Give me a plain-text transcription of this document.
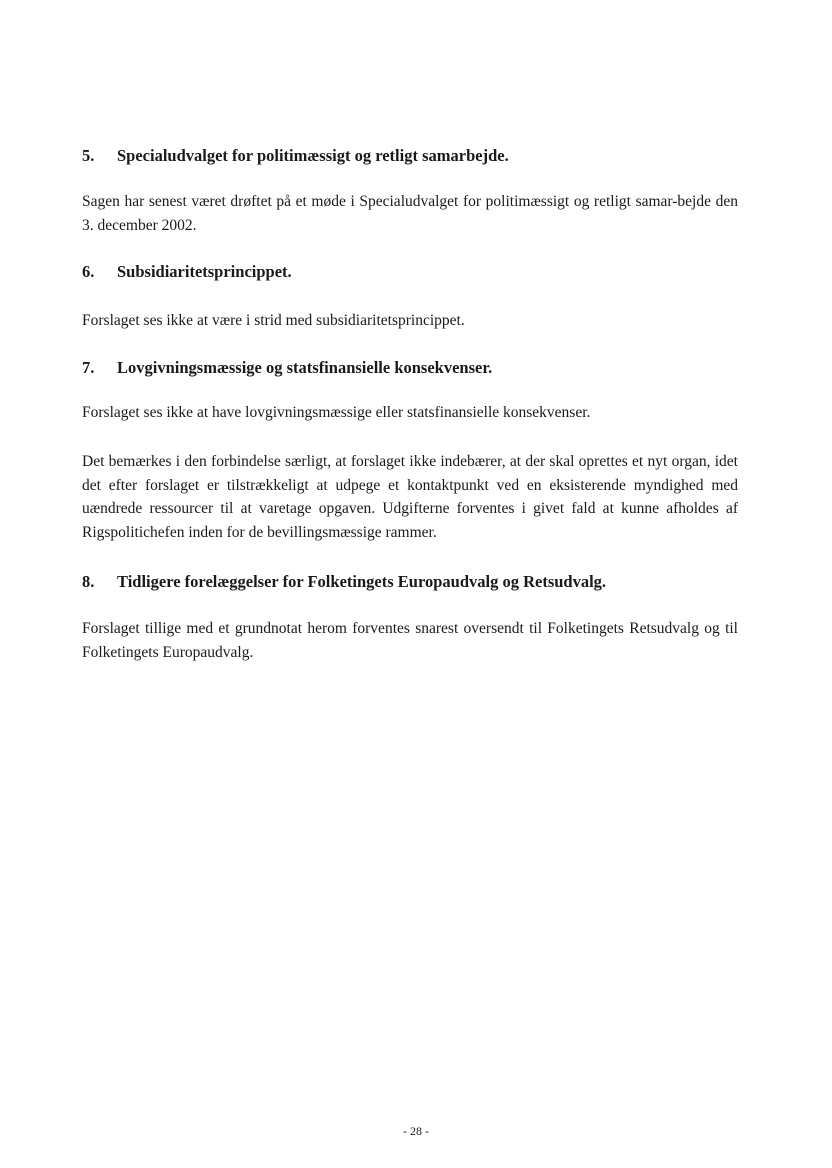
5. Specialudvalget for politimæssigt og retligt samarbejde.
Sagen har senest været drøftet på et møde i Specialudvalget for politimæssigt og retligt samar-bejde den 3. december 2002.
6. Subsidiaritetsprincippet.
Forslaget ses ikke at være i strid med subsidiaritetsprincippet.
7. Lovgivningsmæssige og statsfinansielle konsekvenser.
Forslaget ses ikke at have lovgivningsmæssige eller statsfinansielle konsekvenser.
Det bemærkes i den forbindelse særligt, at forslaget ikke indebærer, at der skal oprettes et nyt organ, idet det efter forslaget er tilstrækkeligt at udpege et kontaktpunkt ved en eksisterende myndighed med uændrede ressourcer til at varetage opgaven. Udgifterne forventes i givet fald at kunne afholdes af Rigspolitichefen inden for de bevillingsmæssige rammer.
8. Tidligere forelæggelser for Folketingets Europaudvalg og Retsudvalg.
Forslaget tillige med et grundnotat herom forventes snarest oversendt til Folketingets Retsudvalg og til Folketingets Europaudvalg.
- 28 -
